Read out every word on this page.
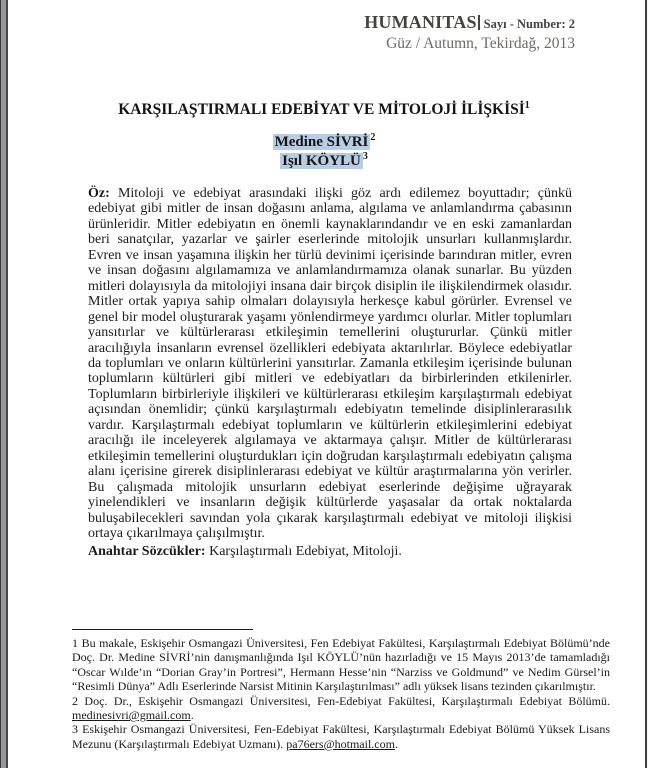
HUMANITAS Sayı - Number: 2
Güz / Autumn, Tekirdağ, 2013
KARŞILAŞTIRMALI EDEBİYAT VE MİTOLOJİ İLİŞKİSİ$^1$
Medine SİVRİ $^2$
Işıl KÖYLÜ $^3$

Öz: Mitoloji ve edebiyat arasındaki ilişki göz ardı edilemez boyuttadır; çünkü edebiyat gibi mitler de insan doğasını anlama, algılama ve anlamlandırma çabasının ürünleridir. Mitler edebiyatın en önemli kaynaklarındandır ve en eski zamanlardan beri sanatçılar, yazarlar ve şairler eserlerinde mitolojik unsurları kullanmışlardır. Evren ve insan yaşamına ilişkin her türlü devinimi içerisinde barındıran mitler, evren ve insan doğasını algılamamıza ve anlamlandırmamıza olanak sunarlar. Bu yüzden mitleri dolayısıyla da mitolojiyi insana dair birçok disiplin ile ilişkilendirmek olasıdır. Mitler ortak yapıya sahip olmaları dolayısıyla herkesçe kabul görürler. Evrensel ve genel bir model oluşturarak yaşamı yönlendirmeye yardımcı olurlar. Mitler toplumları yansıtırlar ve kültürlerarası etkileşimin temellerini oluştururlar. Çünkü mitler aracılığıyla insanların evrensel özellikleri edebiyata aktarılırlar. Böylece edebiyatlar da toplumları ve onların kültürlerini yansıtırlar. Zamanla etkileşim içerisinde bulunan toplumların kültürleri gibi mitleri ve edebiyatları da birbirlerinden etkilenirler. Toplumların birbirleriyle ilişkileri ve kültürlerarası etkileşim karşılaştırmalı edebiyat açısından önemlidir; çünkü karşılaştırmalı edebiyatın temelinde disiplinlerarasılık vardır. Karşılaştırmalı edebiyat toplumların ve kültürlerin etkileşimlerini edebiyat aracılığı ile inceleyerek algılamaya ve aktarmaya çalışır. Mitler de kültürlerarası etkileşimin temellerini oluşturdukları için doğrudan karşılaştırmalı edebiyatın çalışma alanı içerisine girerek disiplinlerarası edebiyat ve kültür araştırmalarına yön verirler. Bu çalışmada mitolojik unsurların edebiyat eserlerinde değişime uğrayarak yinelendikleri ve insanların değişik kültürlerde yaşasalar da ortak noktalarda buluşabilecekleri savından yola çıkarak karşılaştırmalı edebiyat ve mitoloji ilişkisi ortaya çıkarılmaya çalışılmıştır.

Anahtar Sözcükler: Karşılaştırmalı Edebiyat, Mitoloji.

1 Bu makale, Eskişehir Osmangazi Üniversitesi, Fen Edebiyat Fakültesi, Karşılaştırmalı Edebiyat Bölümü’nde Doç. Dr. Medine SİVRİ’nin danışmanlığında Işıl KÖYLÜ’nün hazırladığı ve 15 Mayıs 2013’de tamamladığı “Oscar Wılde’ın “Dorian Gray’in Portresi”, Hermann Hesse’nin “Narziss ve Goldmund” ve Nedim Gürsel’in “Resimli Dünya” Adlı Eserlerinde Narsist Mitinin Karşılaştırılması” adlı yüksek lisans tezinden çıkarılmıştır.

2 Doç. Dr., Eskişehir Osmangazi Üniversitesi, Fen-Edebiyat Fakültesi, Karşılaştırmalı Edebiyat Bölümü. medinesivri@gmail.com.

3 Eskişehir Osmangazi Üniversitesi, Fen-Edebiyat Fakültesi, Karşılaştırmalı Edebiyat Bölümü Yüksek Lisans Mezunu (Karşılaştırmalı Edebiyat Uzmanı). pa76ers@hotmail.com.
